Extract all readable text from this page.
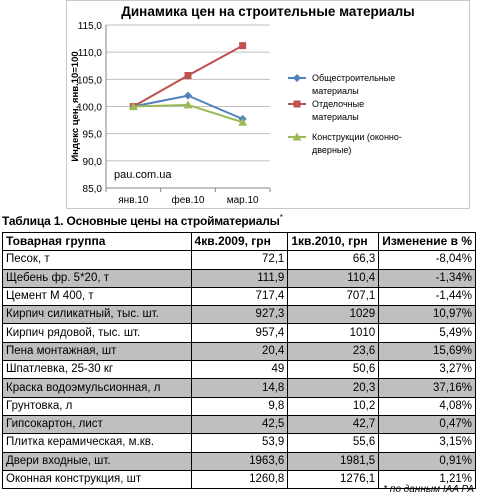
Динамика цен на строительные материалы
85,0
90,0
95,0
100,0
105,0
110,0
115,0
янв.10 фев.10 мар.10
Индекс цен, янв.10=100
pau.com.ua
Общестроительные
материалы
Отделочные
материалы
Конструкции (оконно-
дверные)
Таблица 1. Основные цены на стройматериалы*
Товарная группа	4кв.2009, грн	1кв.2010, грн	Изменение в %
Песок, т	72,1	66,3	-8,04%
Щебень фр. 5*20, т	111,9	110,4	-1,34%
Цемент М 400, т	717,4	707,1	-1,44%
Кирпич силикатный, тыс. шт.	927,3	1029	10,97%
Кирпич рядовой, тыс. шт.	957,4	1010	5,49%
Пена монтажная, шт	20,4	23,6	15,69%
Шпатлевка, 25-30 кг	49	50,6	3,27%
Краска водоэмульсионная, л	14,8	20,3	37,16%
Грунтовка, л	9,8	10,2	4,08%
Гипсокартон, лист	42,5	42,7	0,47%
Плитка керамическая, м.кв.	53,9	55,6	3,15%
Двери входные, шт.	1963,6	1981,5	0,91%
Оконная конструкция, шт	1260,8	1276,1	1,21%
* по данным IAA PA
